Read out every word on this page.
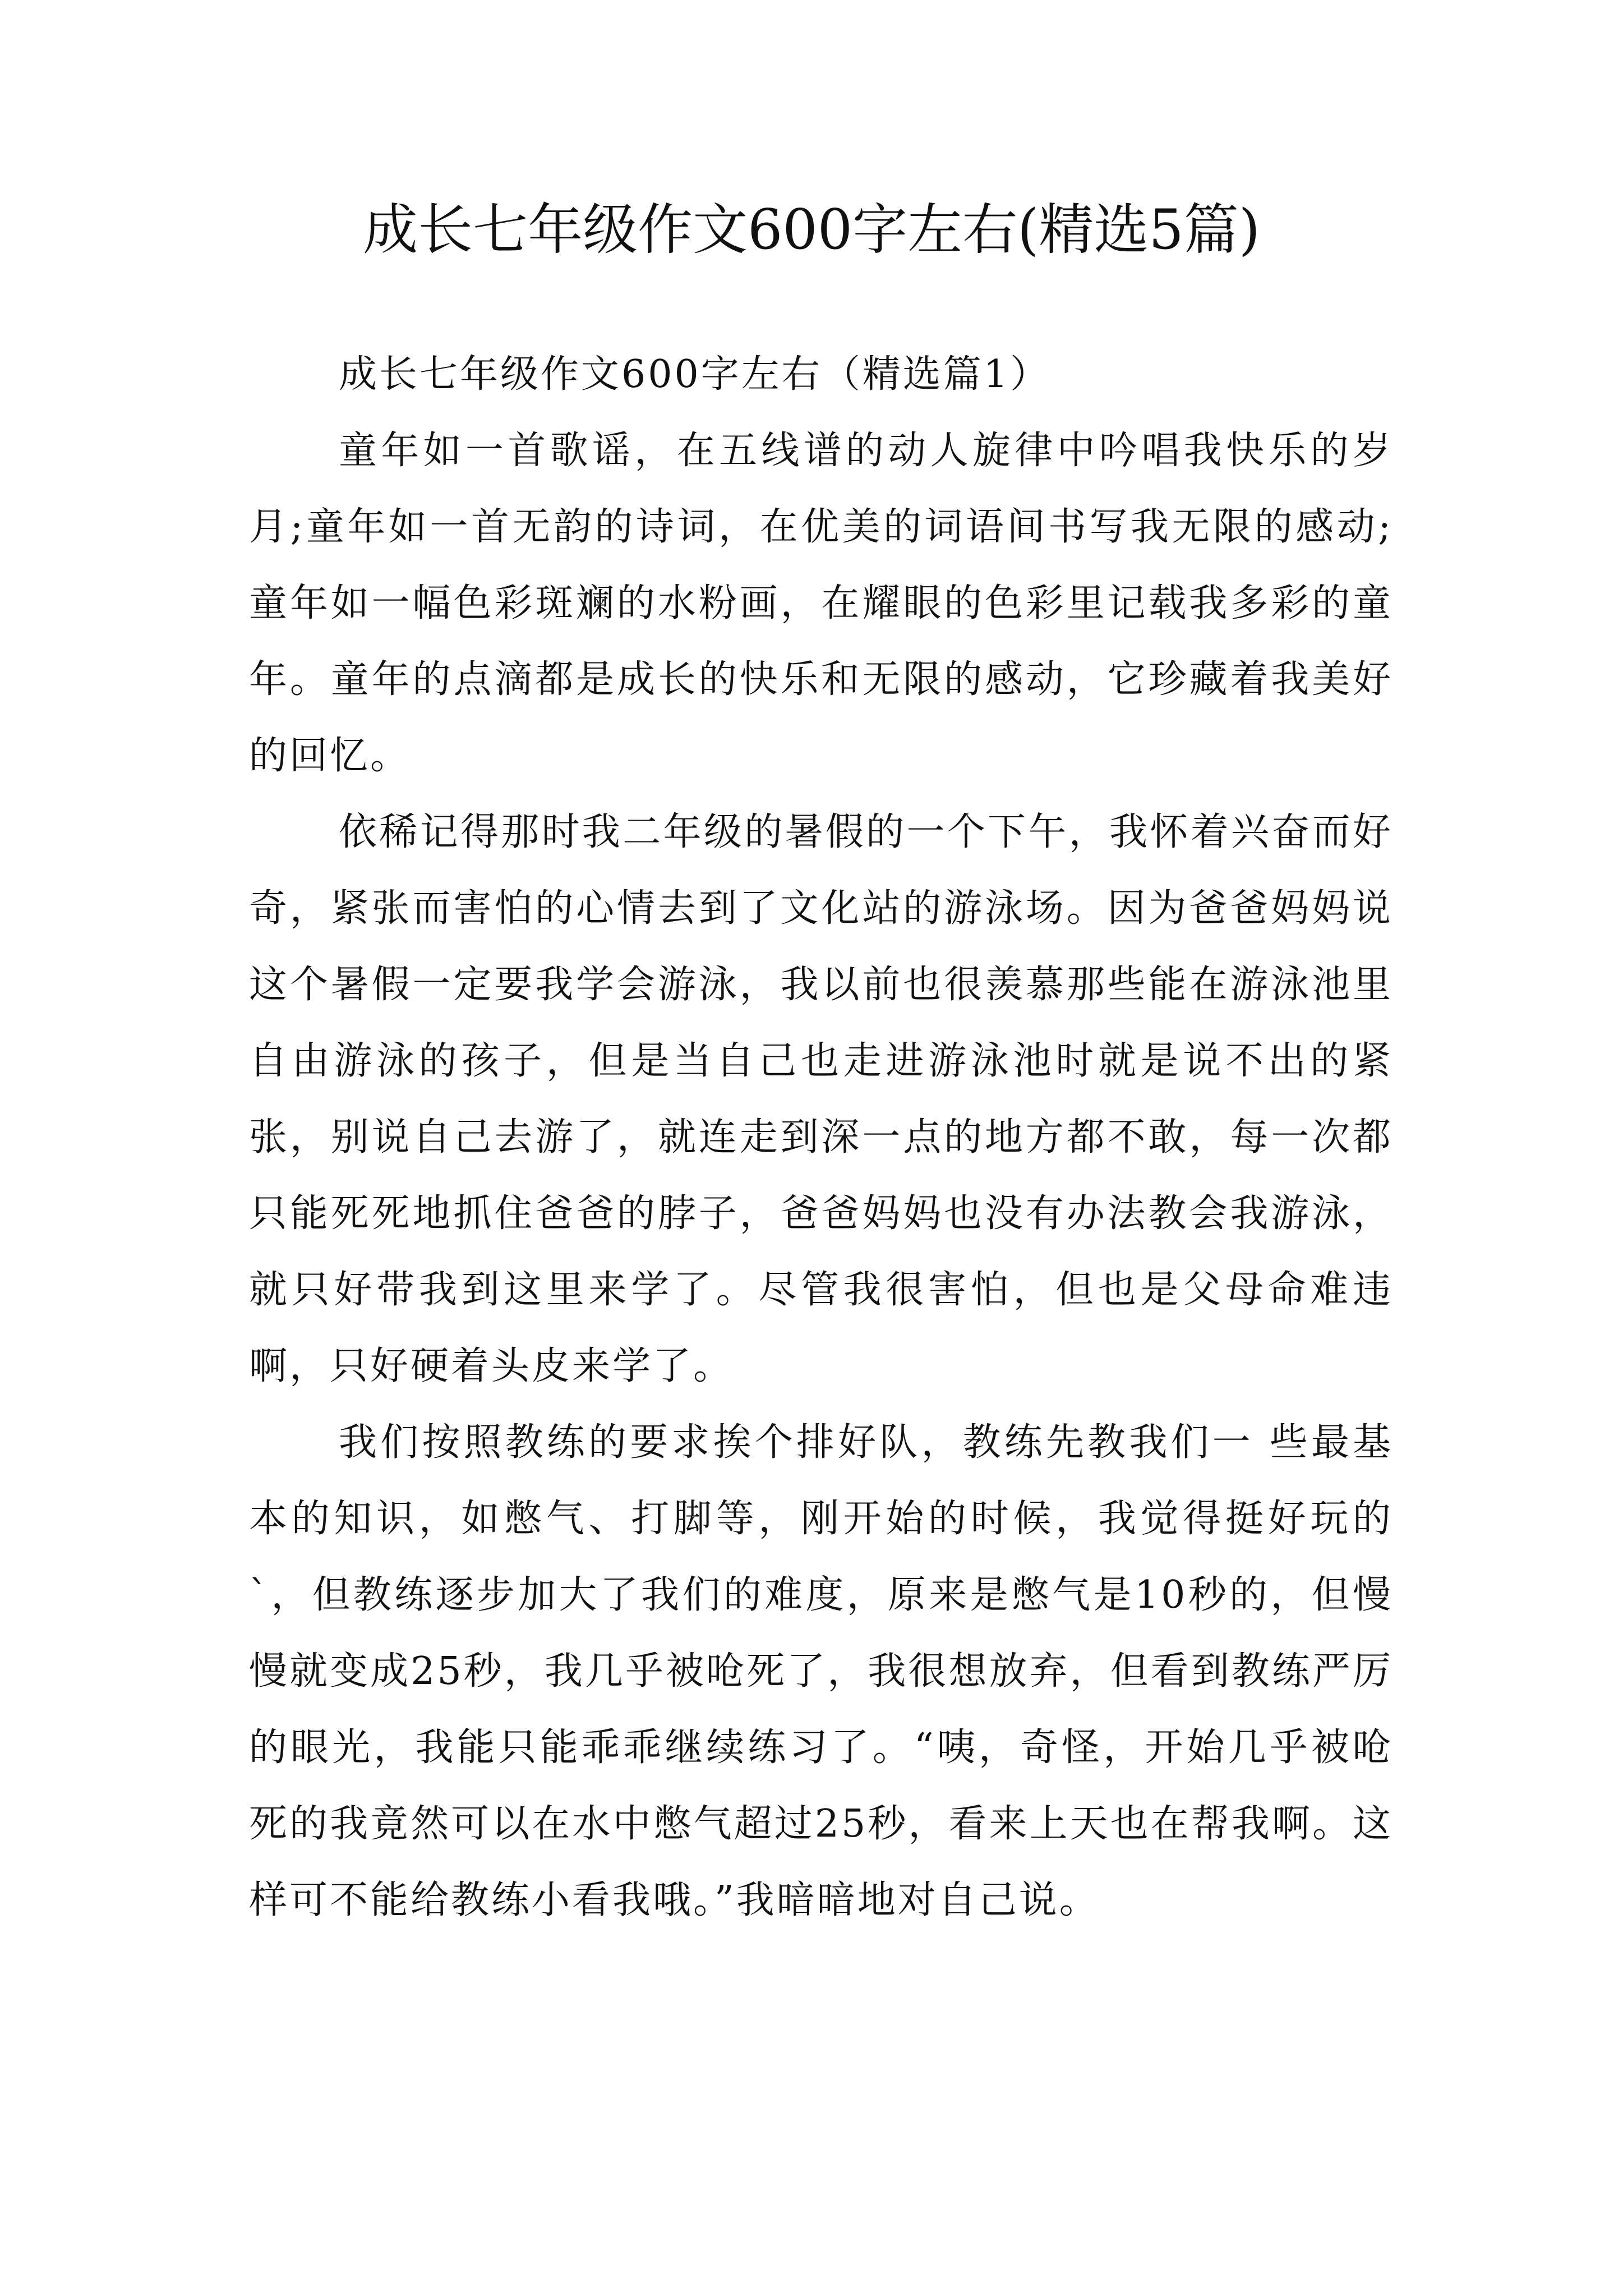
成长七年级作文600字左右(精选5篇)

成长七年级作文600字左右（精选篇1）

童年如一首歌谣，在五线谱的动人旋律中吟唱我快乐的岁月;童年如一首无韵的诗词，在优美的词语间书写我无限的感动;童年如一幅色彩斑斓的水粉画，在耀眼的色彩里记载我多彩的童年。童年的点滴都是成长的快乐和无限的感动，它珍藏着我美好的回忆。

依稀记得那时我二年级的暑假的一个下午，我怀着兴奋而好奇，紧张而害怕的心情去到了文化站的游泳场。因为爸爸妈妈说这个暑假一定要我学会游泳，我以前也很羡慕那些能在游泳池里自由游泳的孩子，但是当自己也走进游泳池时就是说不出的紧张，别说自己去游了，就连走到深一点的地方都不敢，每一次都只能死死地抓住爸爸的脖子，爸爸妈妈也没有办法教会我游泳，就只好带我到这里来学了。尽管我很害怕，但也是父母命难违啊，只好硬着头皮来学了。

我们按照教练的要求挨个排好队，教练先教我们一 些最基本的知识，如憋气、打脚等，刚开始的时候，我觉得挺好玩的`，但教练逐步加大了我们的难度，原来是憋气是10秒的，但慢慢就变成25秒，我几乎被呛死了，我很想放弃，但看到教练严厉的眼光，我能只能乖乖继续练习了。“咦，奇怪，开始几乎被呛死的我竟然可以在水中憋气超过25秒，看来上天也在帮我啊。这样可不能给教练小看我哦。”我暗暗地对自己说。
